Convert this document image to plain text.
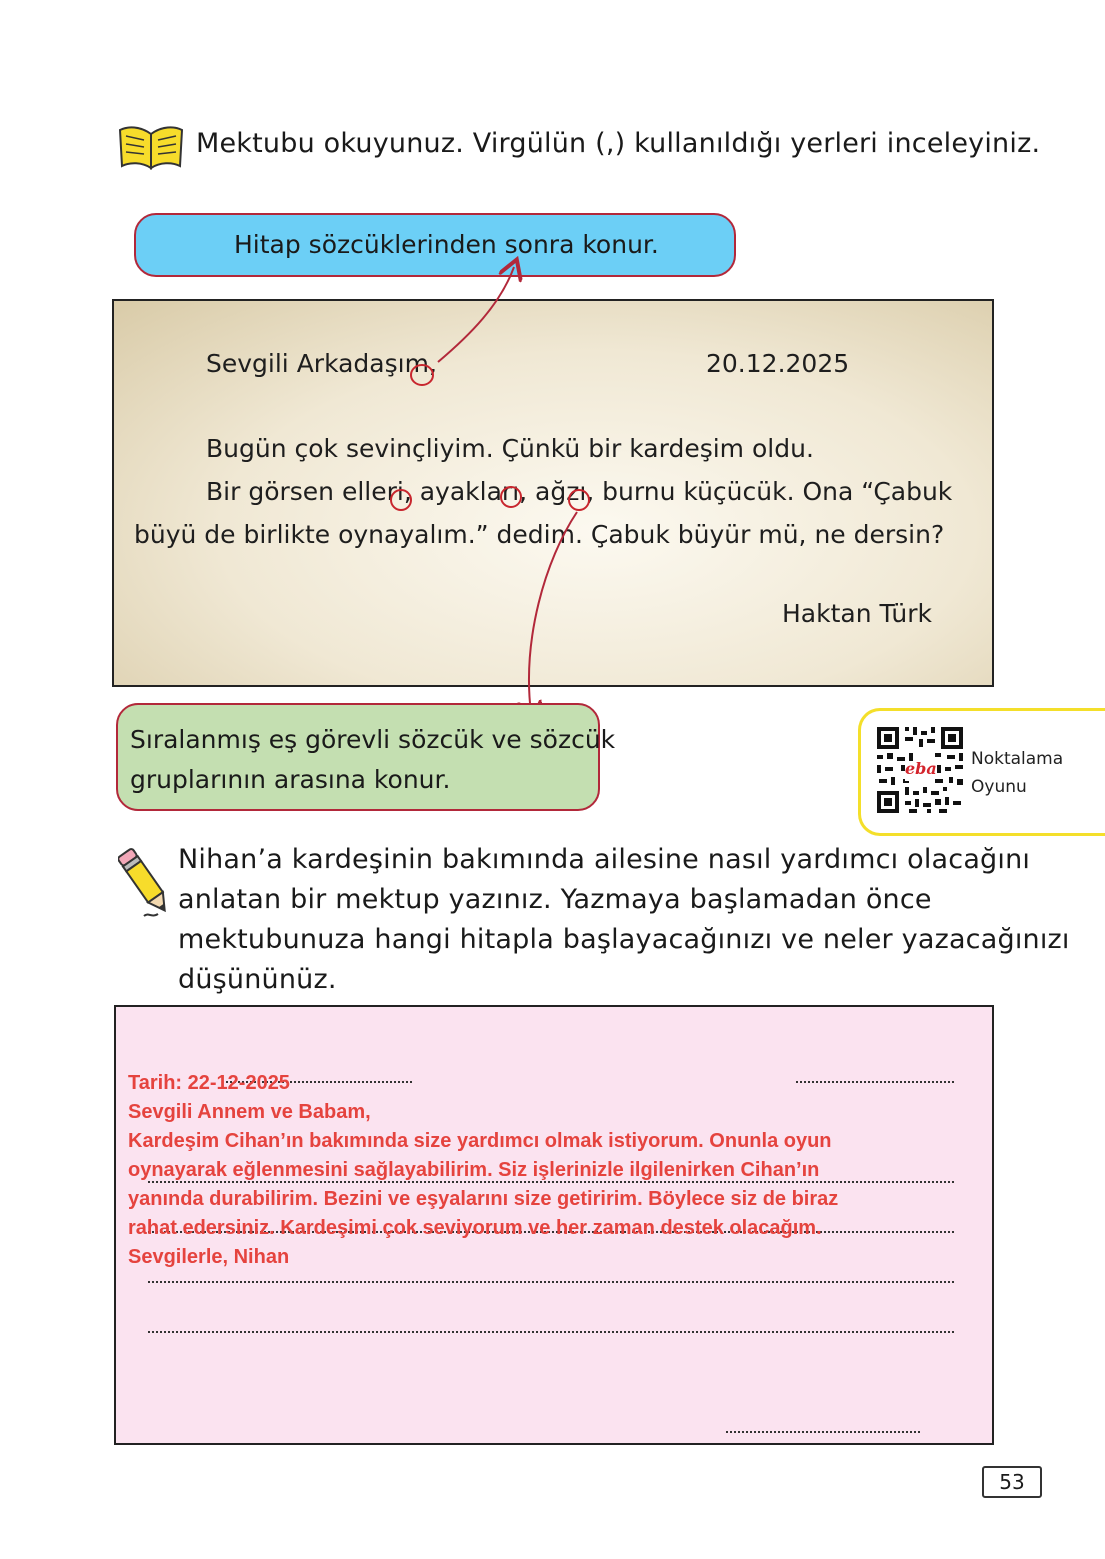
Mektubu okuyunuz. Virgülün (,) kullanıldığı yerleri inceleyiniz.
Hitap sözcüklerinden sonra konur.
Sevgili Arkadaşım,	20.12.2025
Bugün çok sevinçliyim. Çünkü bir kardeşim oldu.
Bir görsen elleri, ayakları, ağzı, burnu küçücük. Ona “Çabuk
büyü de birlikte oynayalım.” dedim. Çabuk büyür mü, ne dersin?
Haktan Türk
Sıralanmış eş görevli sözcük ve sözcük
gruplarının arasına konur.	eba Noktalama
Oyunu
Nihan’a kardeşinin bakımında ailesine nasıl yardımcı olacağını
anlatan bir mektup yazınız. Yazmaya başlamadan önce
mektubunuza hangi hitapla başlayacağınızı ve neler yazacağınızı
düşününüz.
Tarih: 22-12-2025
Sevgili Annem ve Babam,
Kardeşim Cihan’ın bakımında size yardımcı olmak istiyorum. Onunla oyun
oynayarak eğlenmesini sağlayabilirim. Siz işlerinizle ilgilenirken Cihan’ın
yanında durabilirim. Bezini ve eşyalarını size getiririm. Böylece siz de biraz
rahat edersiniz. Kardeşimi çok seviyorum ve her zaman destek olacağım.
Sevgilerle, Nihan
53
